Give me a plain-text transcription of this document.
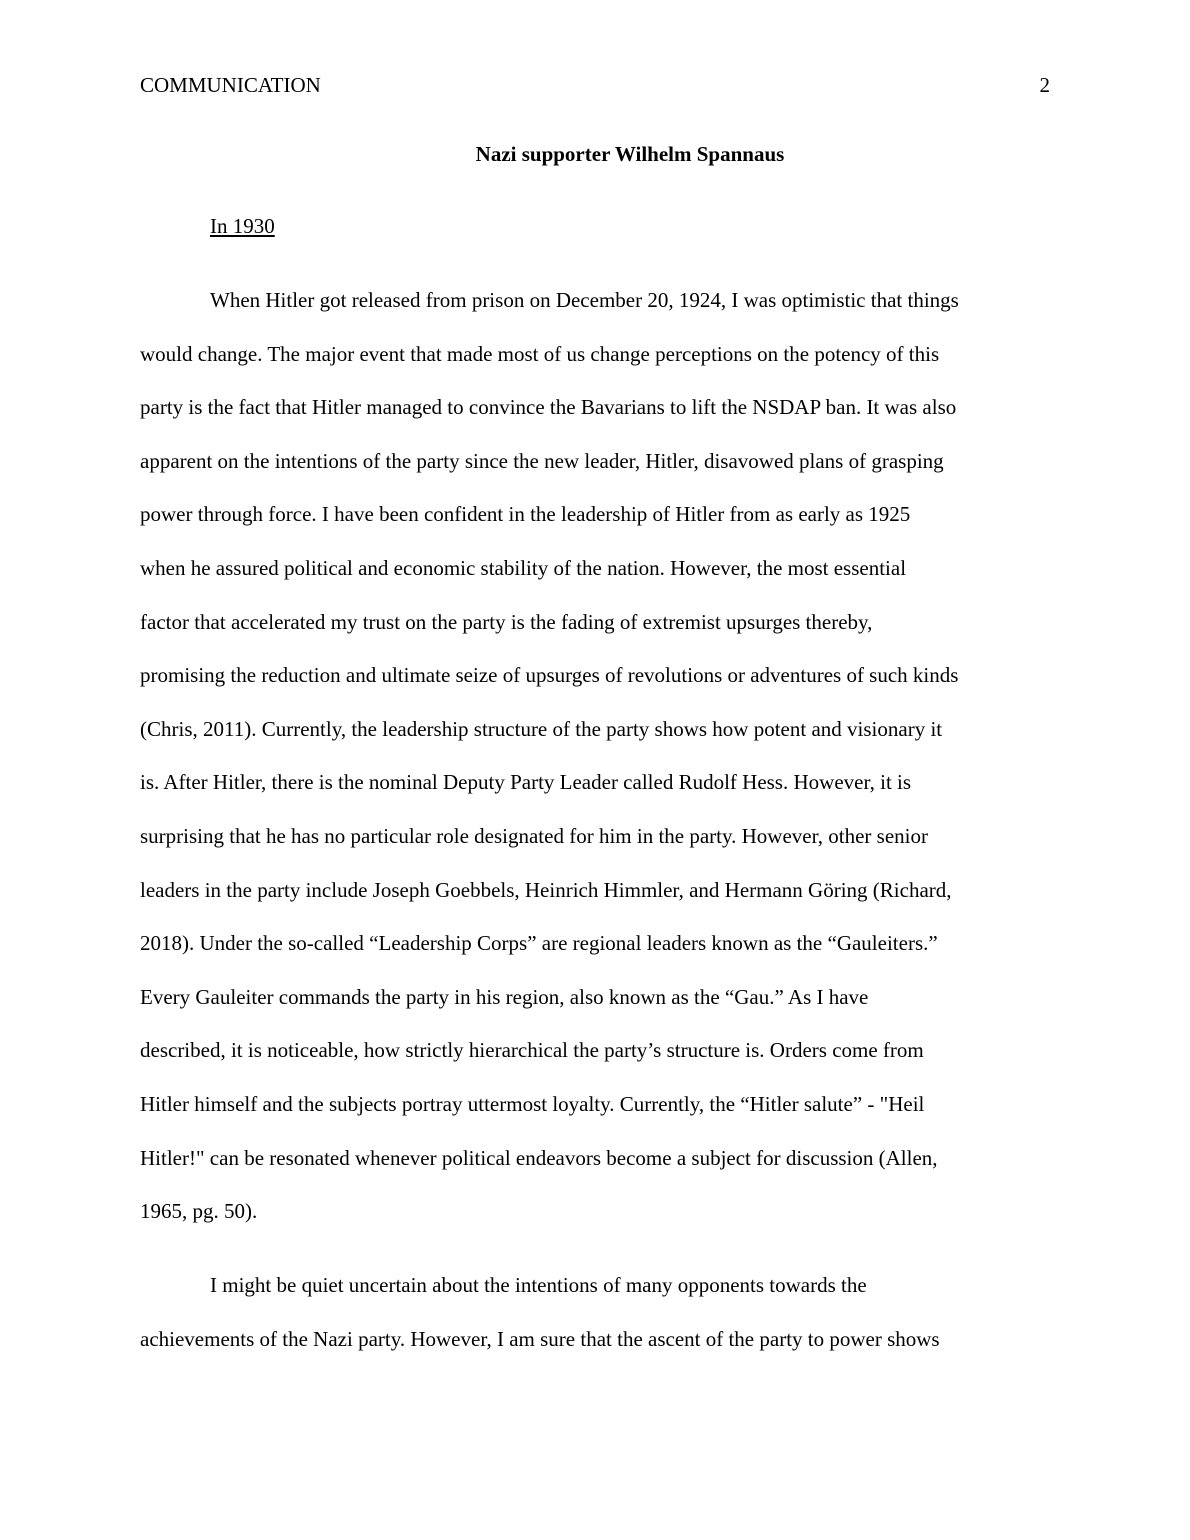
COMMUNICATION	2
Nazi supporter Wilhelm Spannaus
In 1930
When Hitler got released from prison on December 20, 1924, I was optimistic that things
would change. The major event that made most of us change perceptions on the potency of this
party is the fact that Hitler managed to convince the Bavarians to lift the NSDAP ban. It was also
apparent on the intentions of the party since the new leader, Hitler, disavowed plans of grasping
power through force. I have been confident in the leadership of Hitler from as early as 1925
when he assured political and economic stability of the nation. However, the most essential
factor that accelerated my trust on the party is the fading of extremist upsurges thereby,
promising the reduction and ultimate seize of upsurges of revolutions or adventures of such kinds
(Chris, 2011). Currently, the leadership structure of the party shows how potent and visionary it
is. After Hitler, there is the nominal Deputy Party Leader called Rudolf Hess. However, it is
surprising that he has no particular role designated for him in the party. However, other senior
leaders in the party include Joseph Goebbels, Heinrich Himmler, and Hermann Göring (Richard,
2018). Under the so-called “Leadership Corps” are regional leaders known as the “Gauleiters.”
Every Gauleiter commands the party in his region, also known as the “Gau.” As I have
described, it is noticeable, how strictly hierarchical the party’s structure is. Orders come from
Hitler himself and the subjects portray uttermost loyalty. Currently, the “Hitler salute” - "Heil
Hitler!" can be resonated whenever political endeavors become a subject for discussion (Allen,
1965, pg. 50).
I might be quiet uncertain about the intentions of many opponents towards the
achievements of the Nazi party. However, I am sure that the ascent of the party to power shows
